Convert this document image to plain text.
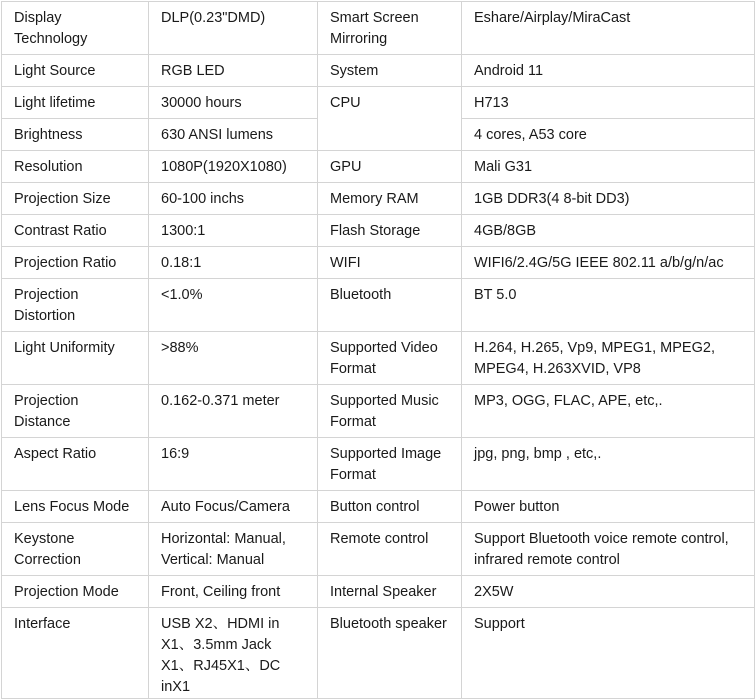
Display Technology	DLP(0.23"DMD)	Smart Screen Mirroring	Eshare/Airplay/MiraCast
Light Source	RGB LED	System	Android 11
Light lifetime	30000 hours	CPU	H713
Brightness	630 ANSI lumens		4 cores, A53 core
Resolution	1080P(1920X1080)	GPU	Mali G31
Projection Size	60-100 inchs	Memory RAM	1GB DDR3(4 8-bit DD3)
Contrast Ratio	1300:1	Flash Storage	4GB/8GB
Projection Ratio	0.18:1	WIFI	WIFI6/2.4G/5G IEEE 802.11 a/b/g/n/ac
Projection Distortion	<1.0%	Bluetooth	BT 5.0
Light Uniformity	>88%	Supported Video Format	H.264, H.265, Vp9, MPEG1, MPEG2, MPEG4, H.263XVID, VP8
Projection Distance	0.162-0.371 meter	Supported Music Format	MP3, OGG, FLAC, APE, etc,.
Aspect Ratio	16:9	Supported Image Format	jpg, png, bmp , etc,.
Lens Focus Mode	Auto Focus/Camera	Button control	Power button
Keystone Correction	Horizontal: Manual, Vertical: Manual	Remote control	Support Bluetooth voice remote control, infrared remote control
Projection Mode	Front, Ceiling front	Internal Speaker	2X5W
Interface	USB X2、HDMI in X1、3.5mm Jack X1、RJ45X1、DC inX1	Bluetooth speaker	Support
